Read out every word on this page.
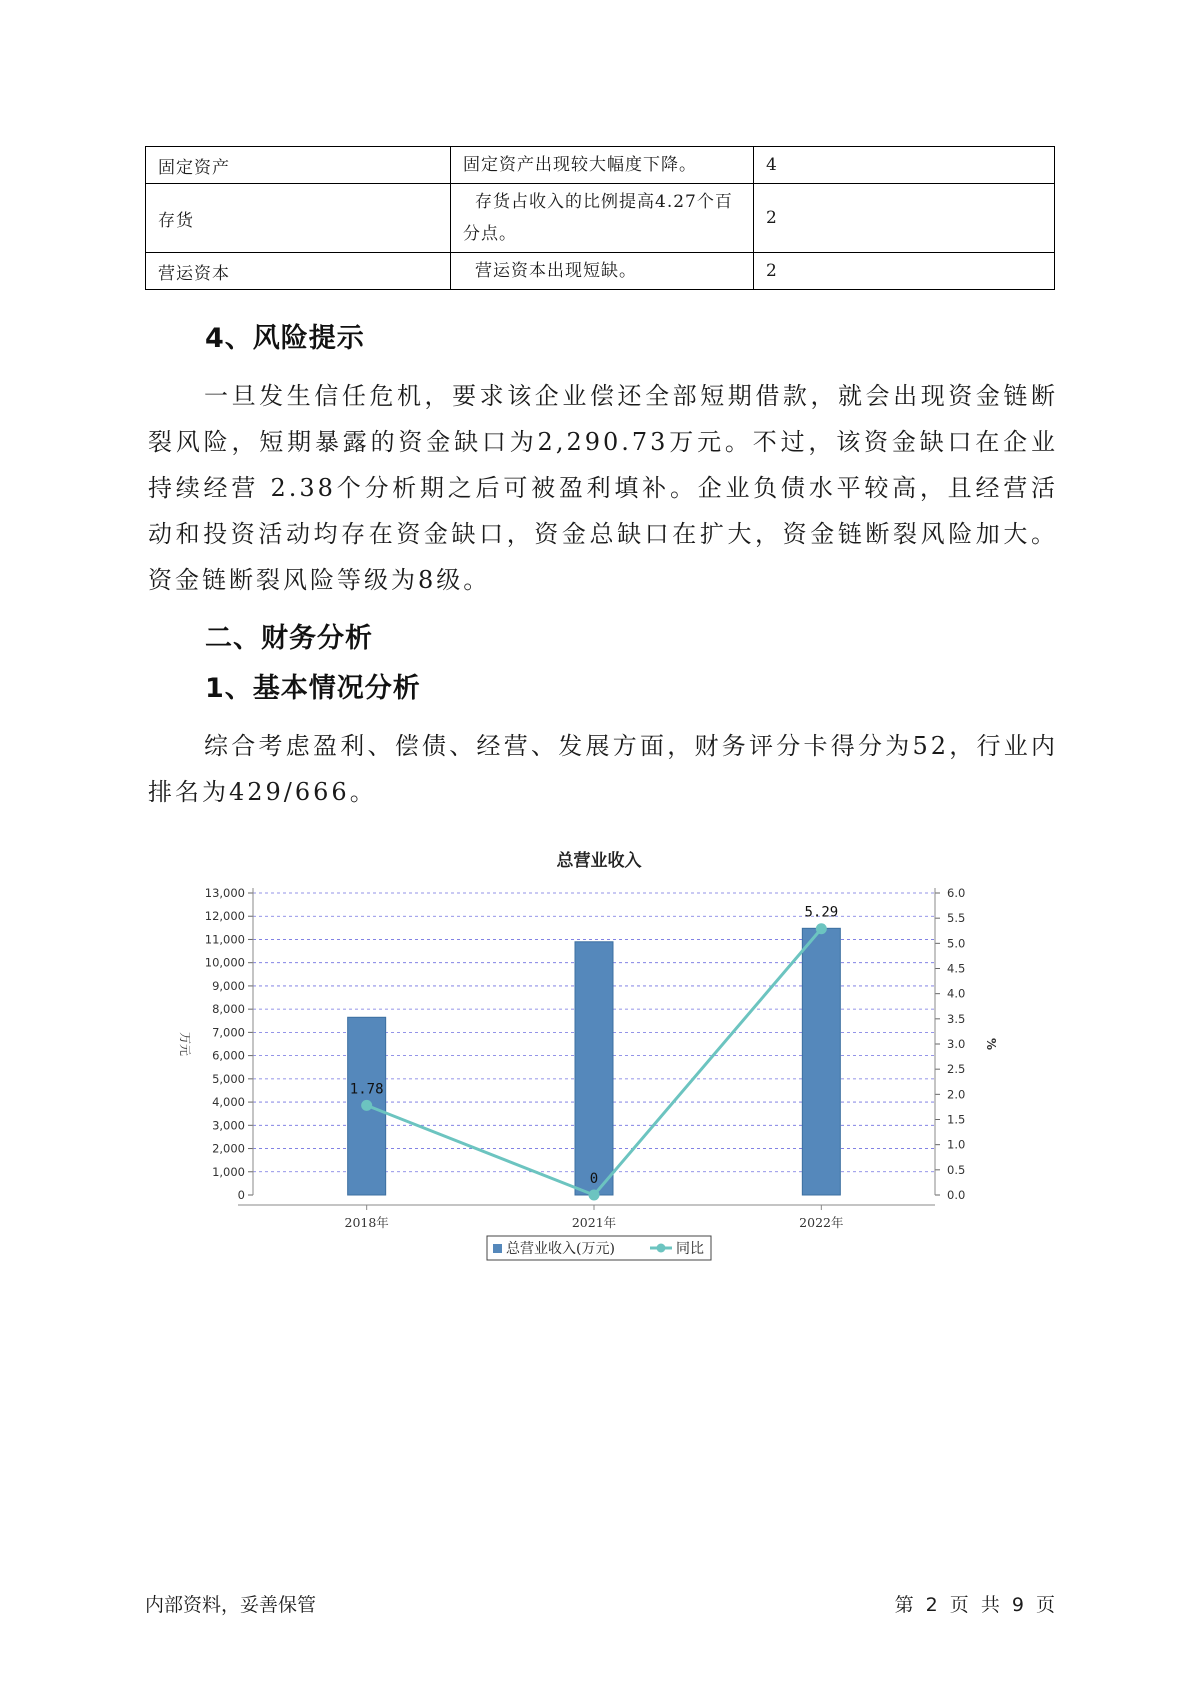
固定资产	固定资产出现较大幅度下降。	4
存货	存货占收入的比例提高4.27个百分点。	2
营运资本	营运资本出现短缺。	2
4、风险提示

一旦发生信任危机，要求该企业偿还全部短期借款，就会出现资金链断裂风险，短期暴露的资金缺口为2,290.73万元。不过，该资金缺口在企业持续经营 2.38个分析期之后可被盈利填补。企业负债水平较高，且经营活动和投资活动均存在资金缺口，资金总缺口在扩大，资金链断裂风险加大。资金链断裂风险等级为8级。

二、财务分析
1、基本情况分析

综合考虑盈利、偿债、经营、发展方面，财务评分卡得分为52，行业内排名为429/666。

总营业收入
0
1,000
2,000
3,000
4,000
5,000
6,000
7,000
8,000
9,000
10,000
11,000
12,000
13,000
0.0
0.5
1.0
1.5
2.0
2.5
3.0
3.5
4.0
4.5
5.0
5.5
6.0
万元	%
2018年	2021年	2022年
1.78
0
5.29
总营业收入(万元)	同比
内部资料，妥善保管	第 2 页 共 9 页
